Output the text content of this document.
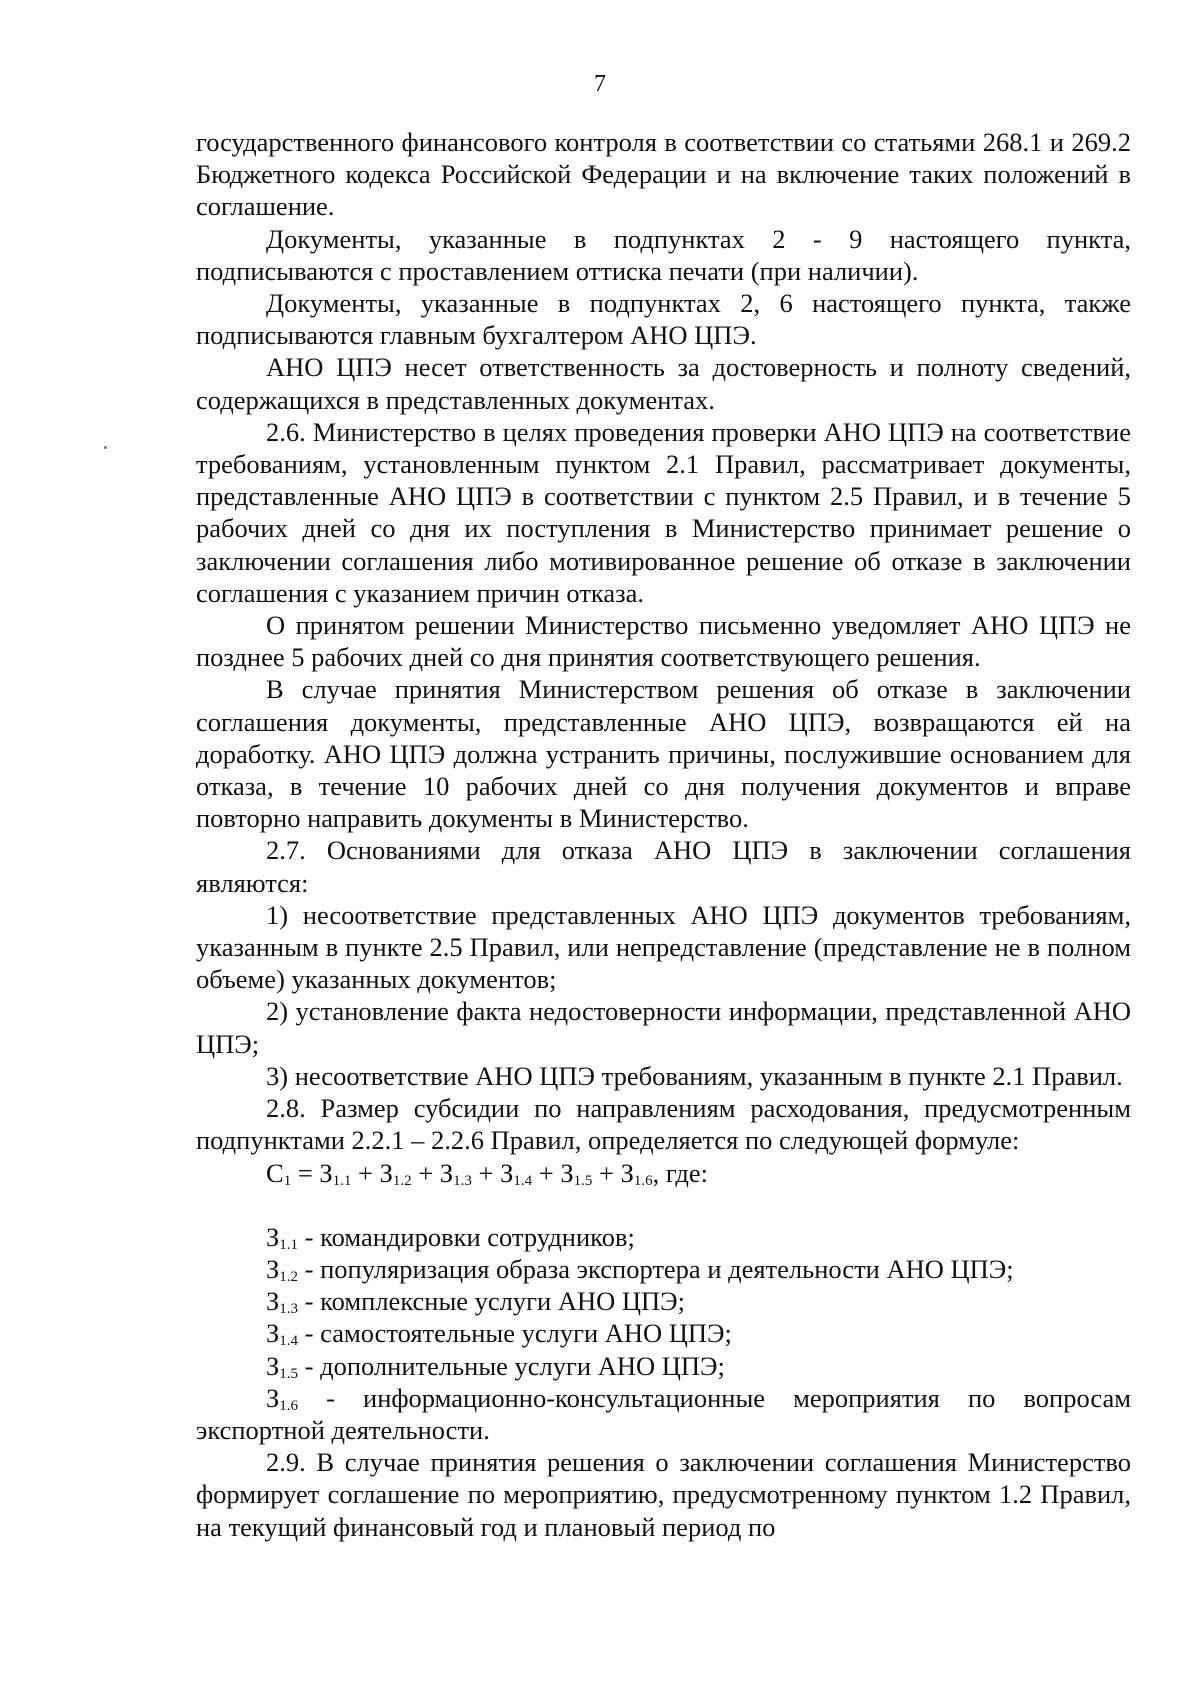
7

государственного финансового контроля в соответствии со статьями 268.1 и 269.2 Бюджетного кодекса Российской Федерации и на включение таких положений в соглашение.

Документы, указанные в подпунктах 2 - 9 настоящего пункта, подписываются с проставлением оттиска печати (при наличии).

Документы, указанные в подпунктах 2, 6 настоящего пункта, также подписываются главным бухгалтером АНО ЦПЭ.

АНО ЦПЭ несет ответственность за достоверность и полноту сведений, содержащихся в представленных документах.

2.6. Министерство в целях проведения проверки АНО ЦПЭ на соответствие требованиям, установленным пунктом 2.1 Правил, рассматривает документы, представленные АНО ЦПЭ в соответствии с пунктом 2.5 Правил, и в течение 5 рабочих дней со дня их поступления в Министерство принимает решение о заключении соглашения либо мотивированное решение об отказе в заключении соглашения с указанием причин отказа.

О принятом решении Министерство письменно уведомляет АНО ЦПЭ не позднее 5 рабочих дней со дня принятия соответствующего решения.

В случае принятия Министерством решения об отказе в заключении соглашения документы, представленные АНО ЦПЭ, возвращаются ей на доработку. АНО ЦПЭ должна устранить причины, послужившие основанием для отказа, в течение 10 рабочих дней со дня получения документов и вправе повторно направить документы в Министерство.

2.7. Основаниями для отказа АНО ЦПЭ в заключении соглашения являются:

1) несоответствие представленных АНО ЦПЭ документов требованиям, указанным в пункте 2.5 Правил, или непредставление (представление не в полном объеме) указанных документов;

2) установление факта недостоверности информации, представленной АНО ЦПЭ;

3) несоответствие АНО ЦПЭ требованиям, указанным в пункте 2.1 Правил.

2.8. Размер субсидии по направлениям расходования, предусмотренным подпунктами 2.2.1 – 2.2.6 Правил, определяется по следующей формуле:

$С_1 = З_{1.1} + З_{1.2} + З_{1.3} + З_{1.4} + З_{1.5} + З_{1.6}$, где:

$З_{1.1}$ - командировки сотрудников;

$З_{1.2}$ - популяризация образа экспортера и деятельности АНО ЦПЭ;

$З_{1.3}$ - комплексные услуги АНО ЦПЭ;

$З_{1.4}$ - самостоятельные услуги АНО ЦПЭ;

$З_{1.5}$ - дополнительные услуги АНО ЦПЭ;

$З_{1.6}$ - информационно-консультационные мероприятия по вопросам экспортной деятельности.

2.9. В случае принятия решения о заключении соглашения Министерство формирует соглашение по мероприятию, предусмотренному пунктом 1.2 Правил, на текущий финансовый год и плановый период по
